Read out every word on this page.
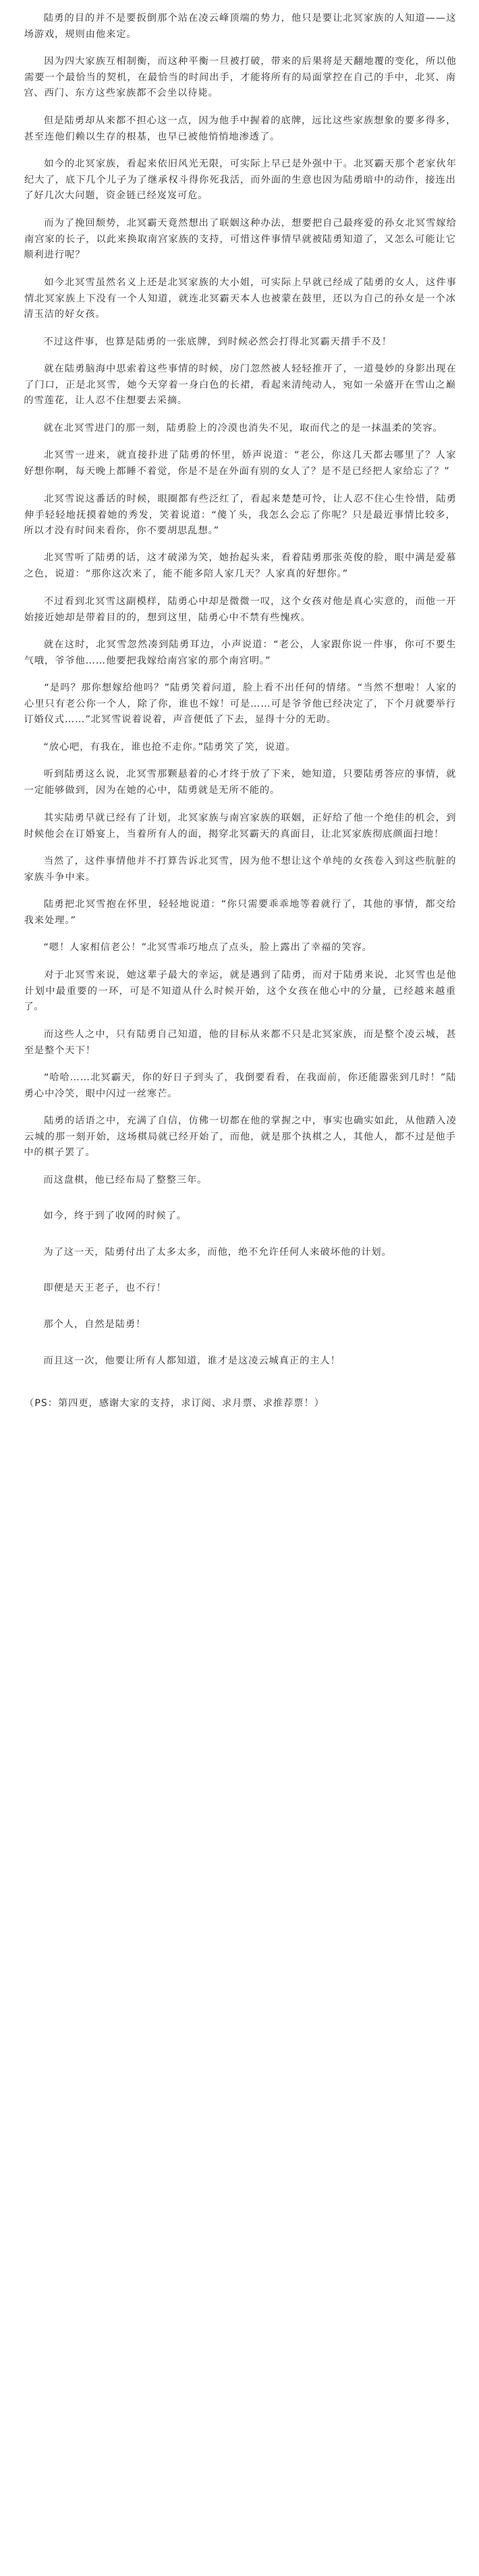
陆勇的目的并不是要扳倒那个站在凌云峰顶端的势力，他只是要让北冥家族的人知道——这场游戏，规则由他来定。

因为四大家族互相制衡，而这种平衡一旦被打破，带来的后果将是天翻地覆的变化，所以他需要一个最恰当的契机，在最恰当的时间出手，才能将所有的局面掌控在自己的手中，北冥、南宫、西门、东方这些家族都不会坐以待毙。

但是陆勇却从来都不担心这一点，因为他手中握着的底牌，远比这些家族想象的要多得多，甚至连他们赖以生存的根基，也早已被他悄悄地渗透了。

如今的北冥家族，看起来依旧风光无限，可实际上早已是外强中干。北冥霸天那个老家伙年纪大了，底下几个儿子为了继承权斗得你死我活，而外面的生意也因为陆勇暗中的动作，接连出了好几次大问题，资金链已经岌岌可危。

而为了挽回颓势，北冥霸天竟然想出了联姻这种办法，想要把自己最疼爱的孙女北冥雪嫁给南宫家的长子，以此来换取南宫家族的支持，可惜这件事情早就被陆勇知道了，又怎么可能让它顺利进行呢？

如今北冥雪虽然名义上还是北冥家族的大小姐，可实际上早就已经成了陆勇的女人，这件事情北冥家族上下没有一个人知道，就连北冥霸天本人也被蒙在鼓里，还以为自己的孙女是一个冰清玉洁的好女孩。

不过这件事，也算是陆勇的一张底牌，到时候必然会打得北冥霸天措手不及！

就在陆勇脑海中思索着这些事情的时候，房门忽然被人轻轻推开了，一道曼妙的身影出现在了门口，正是北冥雪，她今天穿着一身白色的长裙，看起来清纯动人，宛如一朵盛开在雪山之巅的雪莲花，让人忍不住想要去采摘。

就在北冥雪进门的那一刻，陆勇脸上的冷漠也消失不见，取而代之的是一抹温柔的笑容。

北冥雪一进来，就直接扑进了陆勇的怀里，娇声说道：“老公，你这几天都去哪里了？人家好想你啊，每天晚上都睡不着觉，你是不是在外面有别的女人了？是不是已经把人家给忘了？”

北冥雪说这番话的时候，眼圈都有些泛红了，看起来楚楚可怜，让人忍不住心生怜惜，陆勇伸手轻轻地抚摸着她的秀发，笑着说道：“傻丫头，我怎么会忘了你呢？只是最近事情比较多，所以才没有时间来看你，你不要胡思乱想。”

北冥雪听了陆勇的话，这才破涕为笑，她抬起头来，看着陆勇那张英俊的脸，眼中满是爱慕之色，说道：“那你这次来了，能不能多陪人家几天？人家真的好想你。”

不过看到北冥雪这副模样，陆勇心中却是微微一叹，这个女孩对他是真心实意的，而他一开始接近她却是带着目的的，想到这里，陆勇心中不禁有些愧疚。

就在这时，北冥雪忽然凑到陆勇耳边，小声说道：“老公，人家跟你说一件事，你可不要生气哦，爷爷他……他要把我嫁给南宫家的那个南宫明。”

“是吗？那你想嫁给他吗？”陆勇笑着问道，脸上看不出任何的情绪。“当然不想啦！人家的心里只有老公你一个人，除了你，谁也不嫁！可是……可是爷爷他已经决定了，下个月就要举行订婚仪式……”北冥雪说着说着，声音便低了下去，显得十分的无助。

“放心吧，有我在，谁也抢不走你。”陆勇笑了笑，说道。

听到陆勇这么说，北冥雪那颗悬着的心才终于放了下来，她知道，只要陆勇答应的事情，就一定能够做到，因为在她的心中，陆勇就是无所不能的。

其实陆勇早就已经有了计划，北冥家族与南宫家族的联姻，正好给了他一个绝佳的机会，到时候他会在订婚宴上，当着所有人的面，揭穿北冥霸天的真面目，让北冥家族彻底颜面扫地！

当然了，这件事情他并不打算告诉北冥雪，因为他不想让这个单纯的女孩卷入到这些肮脏的家族斗争中来。

陆勇把北冥雪抱在怀里，轻轻地说道：“你只需要乖乖地等着就行了，其他的事情，都交给我来处理。”

“嗯！人家相信老公！”北冥雪乖巧地点了点头，脸上露出了幸福的笑容。

对于北冥雪来说，她这辈子最大的幸运，就是遇到了陆勇，而对于陆勇来说，北冥雪也是他计划中最重要的一环，可是不知道从什么时候开始，这个女孩在他心中的分量，已经越来越重了。

而这些人之中，只有陆勇自己知道，他的目标从来都不只是北冥家族，而是整个凌云城，甚至是整个天下！

“哈哈……北冥霸天，你的好日子到头了，我倒要看看，在我面前，你还能嚣张到几时！”陆勇心中冷笑，眼中闪过一丝寒芒。

陆勇的话语之中，充满了自信，仿佛一切都在他的掌握之中，事实也确实如此，从他踏入凌云城的那一刻开始，这场棋局就已经开始了，而他，就是那个执棋之人，其他人，都不过是他手中的棋子罢了。

而这盘棋，他已经布局了整整三年。

如今，终于到了收网的时候了。

为了这一天，陆勇付出了太多太多，而他，绝不允许任何人来破坏他的计划。

即便是天王老子，也不行！

那个人，自然是陆勇！

而且这一次，他要让所有人都知道，谁才是这凌云城真正的主人！

（PS：第四更，感谢大家的支持，求订阅、求月票、求推荐票！）
